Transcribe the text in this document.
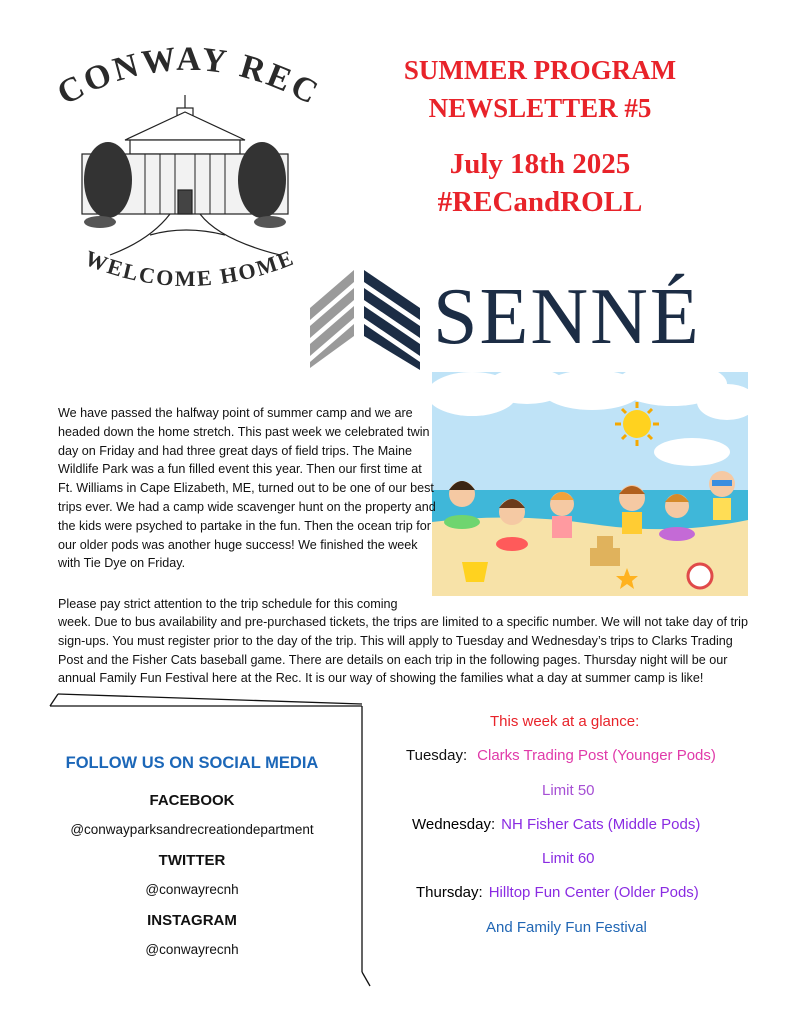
CONWAY REC
WELCOME HOME
SUMMER PROGRAM
NEWSLETTER #5
July 18th 2025
#RECandROLL
SENNÉ
We have passed the halfway point of summer camp and we are headed down the home stretch. This past week we celebrated twin day on Friday and had three great days of field trips. The Maine Wildlife Park was a fun filled event this year. Then our first time at Ft. Williams in Cape Elizabeth, ME, turned out to be one of our best trips ever. We had a camp wide scavenger hunt on the property and the kids were psyched to partake in the fun. Then the ocean trip for our older pods was another huge success! We finished the week with Tie Dye on Friday.
Please pay strict attention to the trip schedule for this coming
week. Due to bus availability and pre-purchased tickets, the trips are limited to a specific number. We will not take day of trip sign-ups. You must register prior to the day of the trip. This will apply to Tuesday and Wednesday’s trips to Clarks Trading Post and the Fisher Cats baseball game. There are details on each trip in the following pages. Thursday night will be our annual Family Fun Festival here at the Rec. It is our way of showing the families what a day at summer camp is like!
FOLLOW US ON SOCIAL MEDIA
FACEBOOK
@conwayparksandrecreationdepartment
TWITTER
@conwayrecnh
INSTAGRAM
@conwayrecnh
This week at a glance:
Tuesday: Clarks Trading Post (Younger Pods)
Limit 50
Wednesday: NH Fisher Cats (Middle Pods)
Limit 60
Thursday: Hilltop Fun Center (Older Pods)
And Family Fun Festival
